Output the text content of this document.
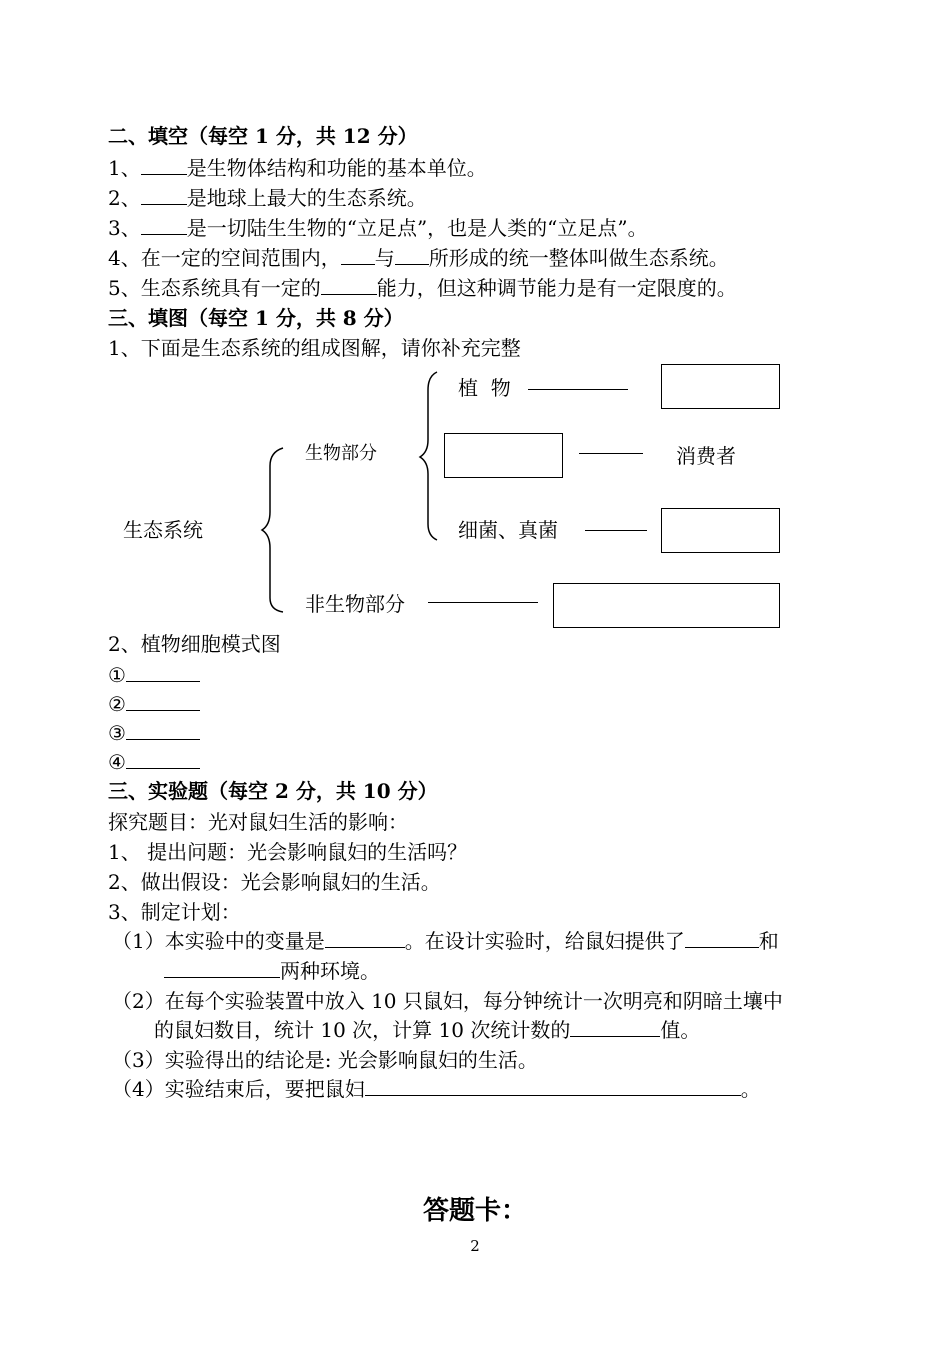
二、填空（每空 1 分，共 12 分）
1、 是生物体结构和功能的基本单位。
2、 是地球上最大的生态系统。
3、 是一切陆生生物的“立足点”，也是人类的“立足点”。
4、在一定的空间范围内， 与 所形成的统一整体叫做生态系统。
5、生态系统具有一定的	能力，但这种调节能力是有一定限度的。
三、填图（每空 1 分，共 8 分）
1、下面是生态系统的组成图解，请你补充完整
生态系统
生物部分
非生物部分
植  物
消费者
细菌、真菌
2、植物细胞模式图
①
②
③
④
三、实验题（每空 2 分，共 10 分）
探究题目：光对鼠妇生活的影响：
1、 提出问题：光会影响鼠妇的生活吗？
2、做出假设：光会影响鼠妇的生活。
3、制定计划：
（1）本实验中的变量是	。在设计实验时，给鼠妇提供了	和
两种环境。
（2）在每个实验装置中放入 10 只鼠妇，每分钟统计一次明亮和阴暗土壤中
的鼠妇数目，统计 10 次，计算 10 次统计数的	值。
（3）实验得出的结论是: 光会影响鼠妇的生活。
（4）实验结束后，要把鼠妇	。
答题卡：
2
